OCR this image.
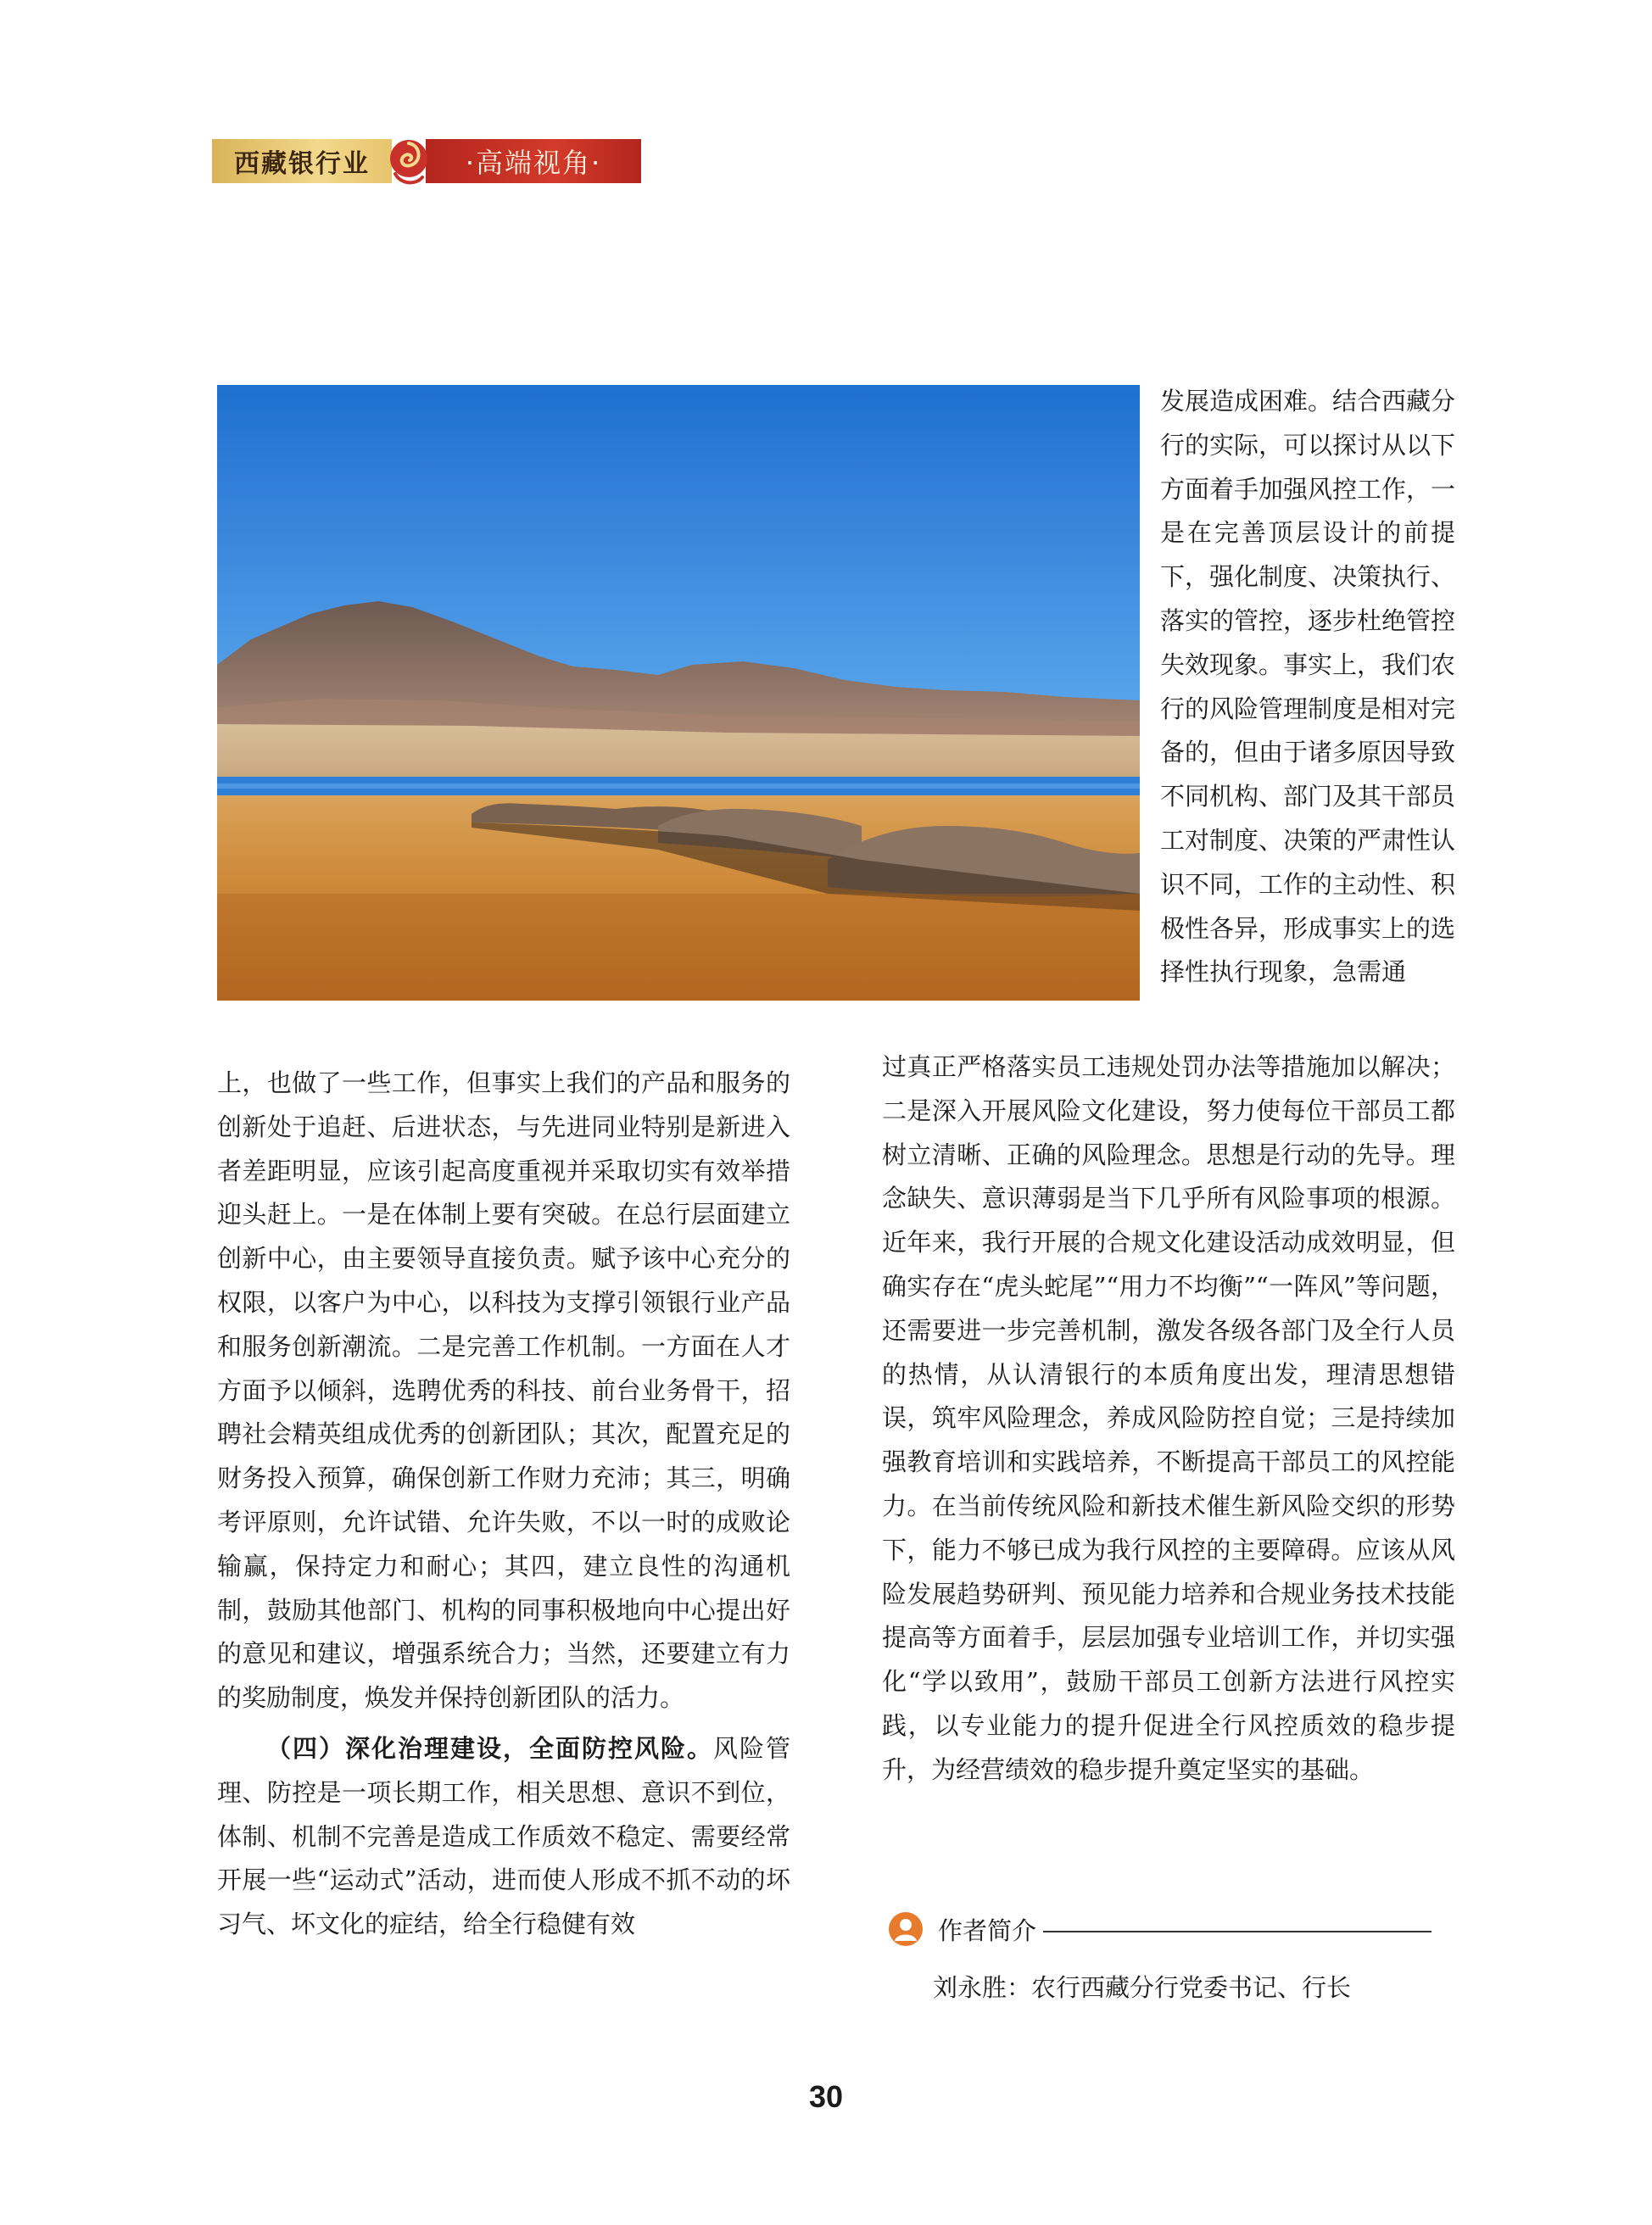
西藏银行业	·高端视角·

发展造成困难。结合西藏分行的实际，可以探讨从以下方面着手加强风控工作，一是在完善顶层设计的前提下，强化制度、决策执行、落实的管控，逐步杜绝管控失效现象。事实上，我们农行的风险管理制度是相对完备的，但由于诸多原因导致不同机构、部门及其干部员工对制度、决策的严肃性认识不同，工作的主动性、积极性各异，形成事实上的选择性执行现象，急需通

过真正严格落实员工违规处罚办法等措施加以解决；二是深入开展风险文化建设，努力使每位干部员工都树立清晰、正确的风险理念。思想是行动的先导。理念缺失、意识薄弱是当下几乎所有风险事项的根源。近年来，我行开展的合规文化建设活动成效明显，但确实存在“虎头蛇尾”“用力不均衡”“一阵风”等问题，还需要进一步完善机制，激发各级各部门及全行人员的热情，从认清银行的本质角度出发，理清思想错误，筑牢风险理念，养成风险防控自觉；三是持续加强教育培训和实践培养，不断提高干部员工的风控能力。在当前传统风险和新技术催生新风险交织的形势下，能力不够已成为我行风控的主要障碍。应该从风险发展趋势研判、预见能力培养和合规业务技术技能提高等方面着手，层层加强专业培训工作，并切实强化“学以致用”，鼓励干部员工创新方法进行风控实践，以专业能力的提升促进全行风控质效的稳步提升，为经营绩效的稳步提升奠定坚实的基础。

上，也做了一些工作，但事实上我们的产品和服务的创新处于追赶、后进状态，与先进同业特别是新进入者差距明显，应该引起高度重视并采取切实有效举措迎头赶上。一是在体制上要有突破。在总行层面建立创新中心，由主要领导直接负责。赋予该中心充分的权限，以客户为中心，以科技为支撑引领银行业产品和服务创新潮流。二是完善工作机制。一方面在人才方面予以倾斜，选聘优秀的科技、前台业务骨干，招聘社会精英组成优秀的创新团队；其次，配置充足的财务投入预算，确保创新工作财力充沛；其三，明确考评原则，允许试错、允许失败，不以一时的成败论输赢，保持定力和耐心；其四，建立良性的沟通机制，鼓励其他部门、机构的同事积极地向中心提出好的意见和建议，增强系统合力；当然，还要建立有力的奖励制度，焕发并保持创新团队的活力。

（四）深化治理建设，全面防控风险。风险管理、防控是一项长期工作，相关思想、意识不到位，体制、机制不完善是造成工作质效不稳定、需要经常开展一些“运动式”活动，进而使人形成不抓不动的坏习气、坏文化的症结，给全行稳健有效	作者简介
刘永胜：农行西藏分行党委书记、行长
30
